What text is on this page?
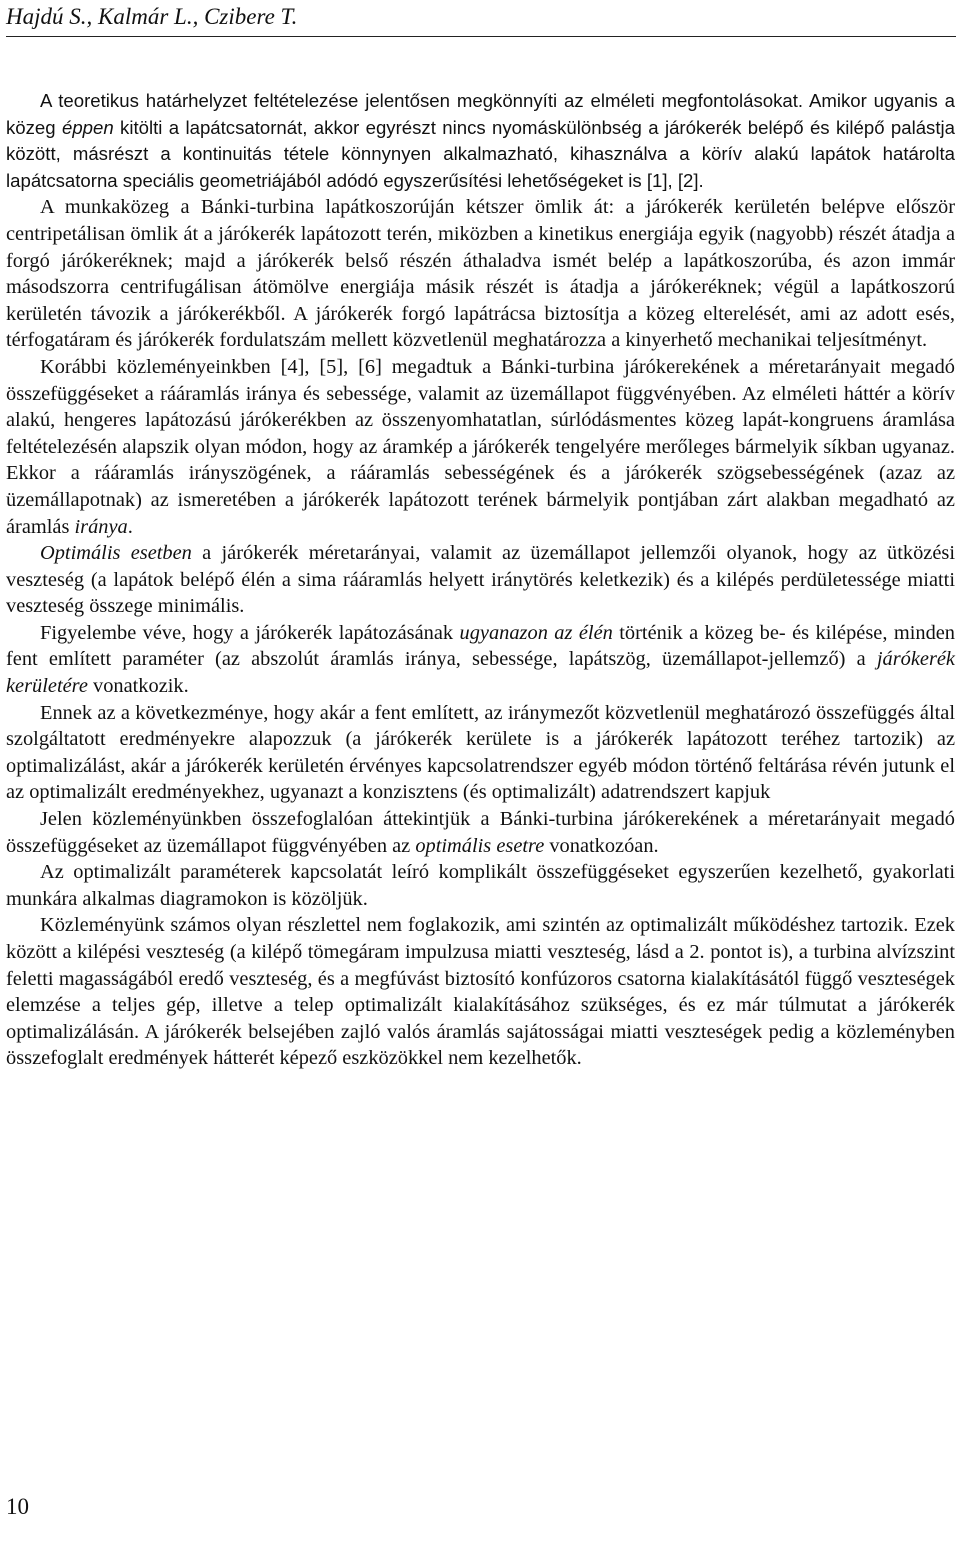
Hajdú S., Kalmár L., Czibere T.

A teoretikus határhelyzet feltételezése jelentősen megkönnyíti az elméleti megfontolásokat. Amikor ugyanis a közeg éppen kitölti a lapátcsatornát, akkor egyrészt nincs nyomáskülönbség a járókerék belépő és kilépő palástja között, másrészt a kontinuitás tétele könnynyen alkalmazható, kihasználva a körív alakú lapátok határolta lapátcsatorna speciális geometriájából adódó egyszerűsítési lehetőségeket is [1], [2].

A munkaközeg a Bánki-turbina lapátkoszorúján kétszer ömlik át: a járókerék kerületén belépve először centripetálisan ömlik át a járókerék lapátozott terén, miközben a kinetikus energiája egyik (nagyobb) részét átadja a forgó járókeréknek; majd a járókerék belső részén áthaladva ismét belép a lapátkoszorúba, és azon immár másodszorra centrifugálisan átömölve energiája másik részét is átadja a járókeréknek; végül a lapátkoszorú kerületén távozik a járókerékből. A járókerék forgó lapátrácsa biztosítja a közeg elterelését, ami az adott esés, térfogatáram és járókerék fordulatszám mellett közvetlenül meghatározza a kinyerhető mechanikai teljesítményt.

Korábbi közleményeinkben [4], [5], [6] megadtuk a Bánki-turbina járókerekének a méretarányait megadó összefüggéseket a rááramlás iránya és sebessége, valamit az üzemállapot függvényében. Az elméleti háttér a körív alakú, hengeres lapátozású járókerékben az összenyomhatatlan, súrlódásmentes közeg lapát-kongruens áramlása feltételezésén alapszik olyan módon, hogy az áramkép a járókerék tengelyére merőleges bármelyik síkban ugyanaz. Ekkor a rááramlás irányszögének, a rááramlás sebességének és a járókerék szögsebességének (azaz az üzemállapotnak) az ismeretében a járókerék lapátozott terének bármelyik pontjában zárt alakban megadható az áramlás iránya.

Optimális esetben a járókerék méretarányai, valamit az üzemállapot jellemzői olyanok, hogy az ütközési veszteség (a lapátok belépő élén a sima rááramlás helyett iránytörés keletkezik) és a kilépés perdületessége miatti veszteség összege minimális.

Figyelembe véve, hogy a járókerék lapátozásának ugyanazon az élén történik a közeg be- és kilépése, minden fent említett paraméter (az abszolút áramlás iránya, sebessége, lapátszög, üzemállapot-jellemző) a járókerék kerületére vonatkozik.

Ennek az a következménye, hogy akár a fent említett, az iránymezőt közvetlenül meghatározó összefüggés által szolgáltatott eredményekre alapozzuk (a járókerék kerülete is a járókerék lapátozott teréhez tartozik) az optimalizálást, akár a járókerék kerületén érvényes kapcsolatrendszer egyéb módon történő feltárása révén jutunk el az optimalizált eredményekhez, ugyanazt a konzisztens (és optimalizált) adatrendszert kapjuk

Jelen közleményünkben összefoglalóan áttekintjük a Bánki-turbina járókerekének a méretarányait megadó összefüggéseket az üzemállapot függvényében az optimális esetre vonatkozóan.

Az optimalizált paraméterek kapcsolatát leíró komplikált összefüggéseket egyszerűen kezelhető, gyakorlati munkára alkalmas diagramokon is közöljük.

Közleményünk számos olyan részlettel nem foglakozik, ami szintén az optimalizált működéshez tartozik. Ezek között a kilépési veszteség (a kilépő tömegáram impulzusa miatti veszteség, lásd a 2. pontot is), a turbina alvízszint feletti magasságából eredő veszteség, és a megfúvást biztosító konfúzoros csatorna kialakításától függő veszteségek elemzése a teljes gép, illetve a telep optimalizált kialakításához szükséges, és ez már túlmutat a járókerék optimalizálásán. A járókerék belsejében zajló valós áramlás sajátosságai miatti veszteségek pedig a közleményben összefoglalt eredmények hátterét képező eszközökkel nem kezelhetők.

10
